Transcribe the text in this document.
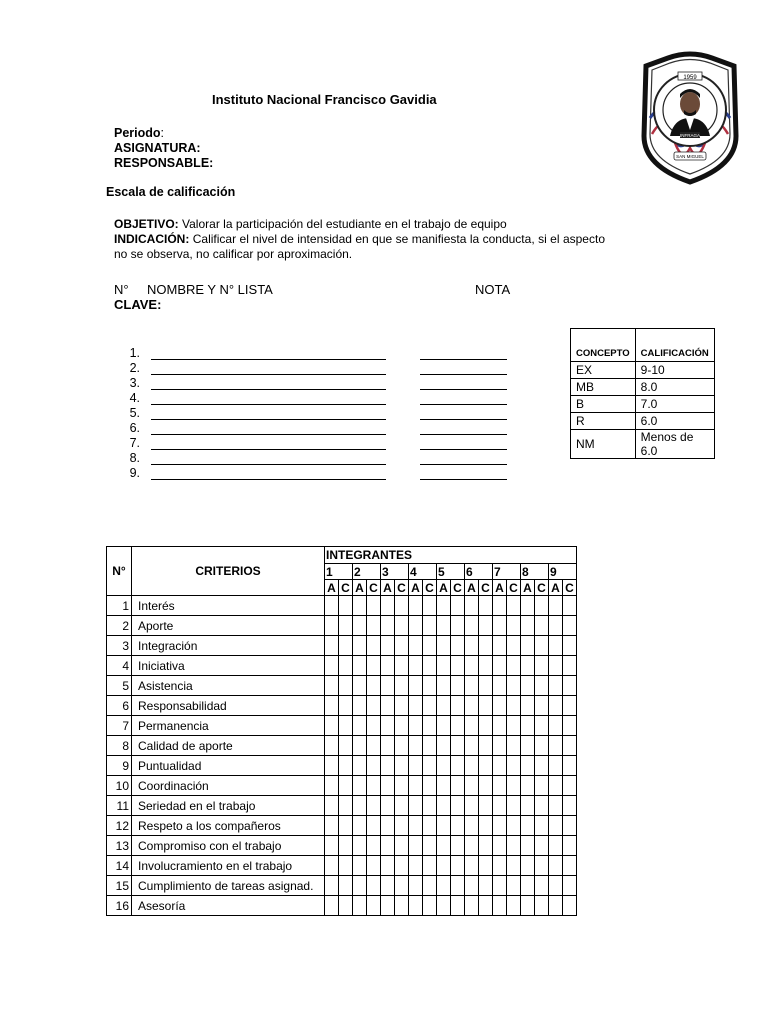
1959
INFRAGA
SAN MIGUEL
Instituto Nacional Francisco Gavidia
Periodo:
ASIGNATURA:
RESPONSABLE:
Escala de calificación
OBJETIVO: Valorar la participación del estudiante en el trabajo de equipo
INDICACIÓN: Calificar el nivel de intensidad en que se manifiesta la conducta, si el aspecto no se observa, no calificar por aproximación.
N° NOMBRE Y N° LISTA	NOTA
CLAVE:
1.
2.
3.
4.
5.
6.
7.
8.
9.
CONCEPTO	CALIFICACIÓN
EX	9-10
MB	8.0
B	7.0
R	6.0
NM	Menos de 6.0
N°	CRITERIOS	INTEGRANTES																	
		1		2		3		4		5		6		7		8		9	
		A	C	A	C	A	C	A	C	A	C	A	C	A	C	A	C	A	C
1	Interés																		
2	Aporte																		
3	Integración																		
4	Iniciativa																		
5	Asistencia																		
6	Responsabilidad																		
7	Permanencia																		
8	Calidad de aporte																		
9	Puntualidad																		
10	Coordinación																		
11	Seriedad en el trabajo																		
12	Respeto a los compañeros																		
13	Compromiso con el trabajo																		
14	Involucramiento en el trabajo																		
15	Cumplimiento de tareas asignad.																		
16	Asesoría																		
